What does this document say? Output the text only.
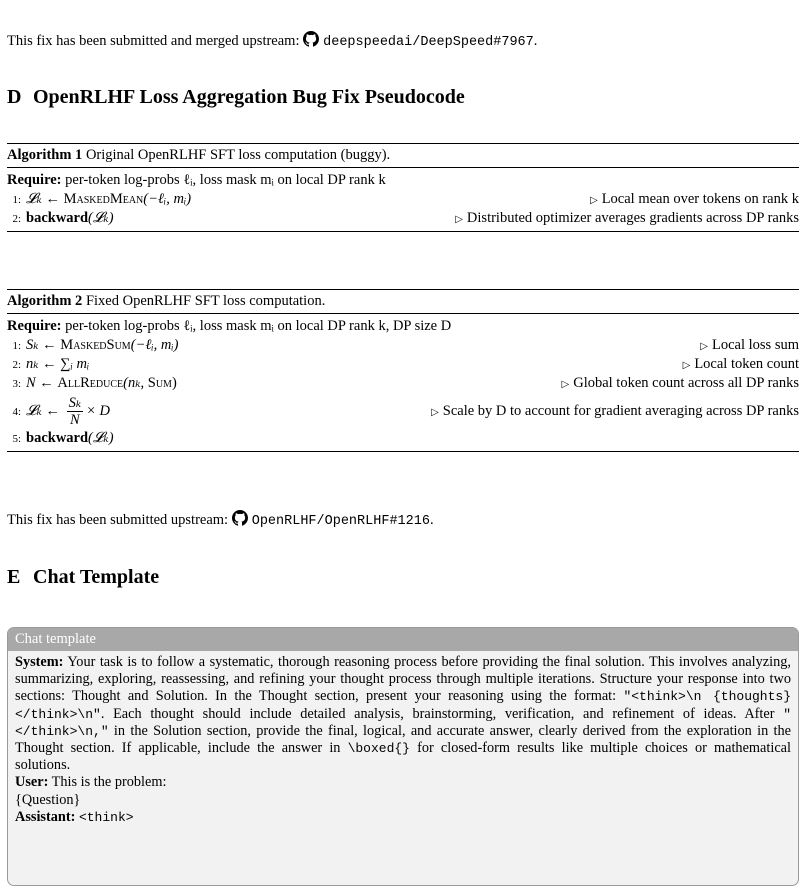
This fix has been submitted and merged upstream: deepspeedai/DeepSpeed#7967.
D OpenRLHF Loss Aggregation Bug Fix Pseudocode
Algorithm 1 Original OpenRLHF SFT loss computation (buggy).
Require: per-token log-probs ℓᵢ, loss mask mᵢ on local DP rank k
1: 𝓛ₖ ← MaskedMean(−ℓᵢ, mᵢ)	▷ Local mean over tokens on rank k
2: backward(𝓛ₖ)	▷ Distributed optimizer averages gradients across DP ranks
Algorithm 2 Fixed OpenRLHF SFT loss computation.
Require: per-token log-probs ℓᵢ, loss mask mᵢ on local DP rank k, DP size D
1: Sₖ ← MaskedSum(−ℓᵢ, mᵢ)	▷ Local loss sum
2: nₖ ← ∑ᵢ mᵢ	▷ Local token count
3: N ← AllReduce(nₖ, Sum)	▷ Global token count across all DP ranks
4: 𝓛ₖ ← $\frac{\text{Sₖ}}{N} \times D$	▷ Scale by D to account for gradient averaging across DP ranks
5: backward(𝓛ₖ)
This fix has been submitted upstream: OpenRLHF/OpenRLHF#1216.
E Chat Template
Chat template
System: Your task is to follow a systematic, thorough reasoning process before providing the final solution. This involves analyzing, summarizing, exploring, reassessing, and refining your thought process through multiple iterations. Structure your response into two sections: Thought and Solution. In the Thought section, present your reasoning using the format: "<think>\n {thoughts} </think>\n". Each thought should include detailed analysis, brainstorming, verification, and refinement of ideas. After "</think>\n," in the Solution section, provide the final, logical, and accurate answer, clearly derived from the exploration in the Thought section. If applicable, include the answer in \boxed{} for closed-form results like multiple choices or mathematical solutions.
User: This is the problem:
{Question}
Assistant: <think>
